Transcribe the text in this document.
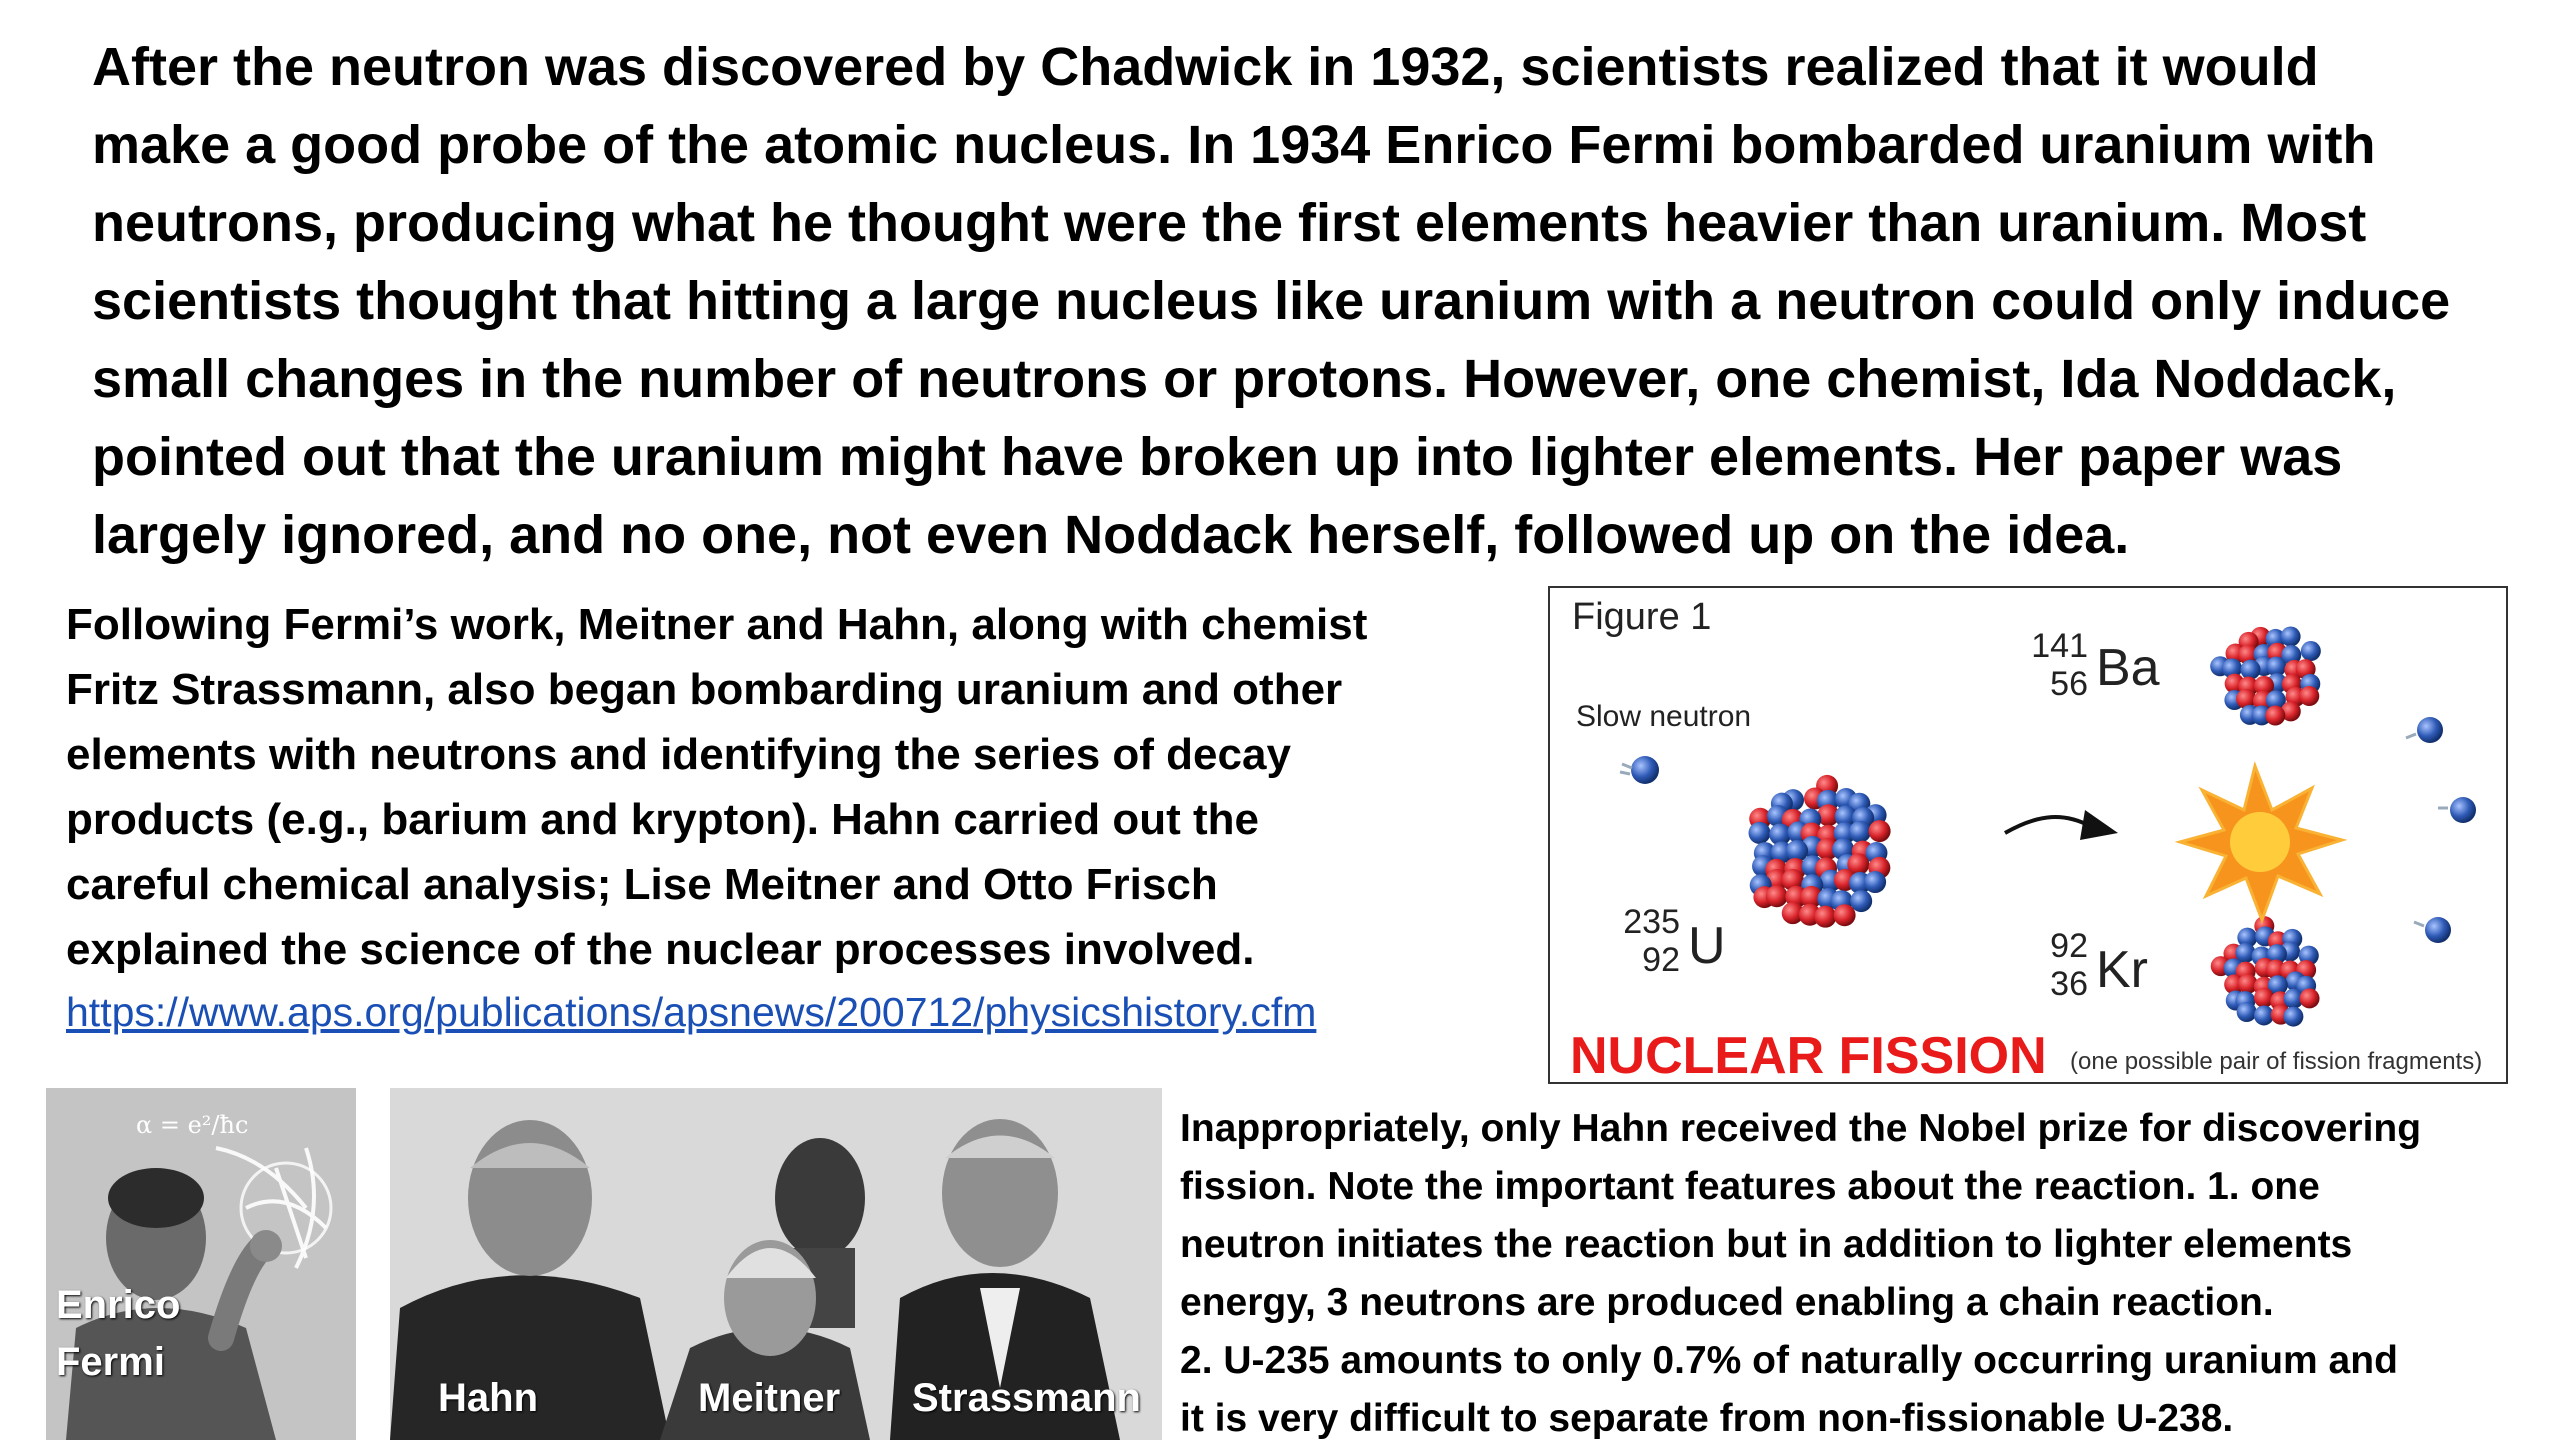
After the neutron was discovered by Chadwick in 1932, scientists realized that it would
make a good probe of the atomic nucleus. In 1934 Enrico Fermi bombarded uranium with
neutrons, producing what he thought were the first elements heavier than uranium. Most
scientists thought that hitting a large nucleus like uranium with a neutron could only induce
small changes in the number of neutrons or protons. However, one chemist, Ida Noddack,
pointed out that the uranium might have broken up into lighter elements. Her paper was
largely ignored, and no one, not even Noddack herself, followed up on the idea.

Following Fermi’s work, Meitner and Hahn, along with chemist
Fritz Strassmann, also began bombarding uranium and other
elements with neutrons and identifying the series of decay
products (e.g., barium and krypton). Hahn carried out the
careful chemical analysis; Lise Meitner and Otto Frisch
explained the science of the nuclear processes involved.
https://www.aps.org/publications/apsnews/200712/physicshistory.cfm

Figure 1
Slow neutron
235
92 U
141
56 Ba
92
36 Kr
NUCLEAR FISSION (one possible pair of fission fragments)
α = e²/ħc
Enrico
Fermi
Hahn	Meitner Strassmann

Inappropriately, only Hahn received the Nobel prize for discovering
fission. Note the important features about the reaction. 1. one
neutron initiates the reaction but in addition to lighter elements
energy, 3 neutrons are produced enabling a chain reaction.
2. U-235 amounts to only 0.7% of naturally occurring uranium and
it is very difficult to separate from non-fissionable U-238.
